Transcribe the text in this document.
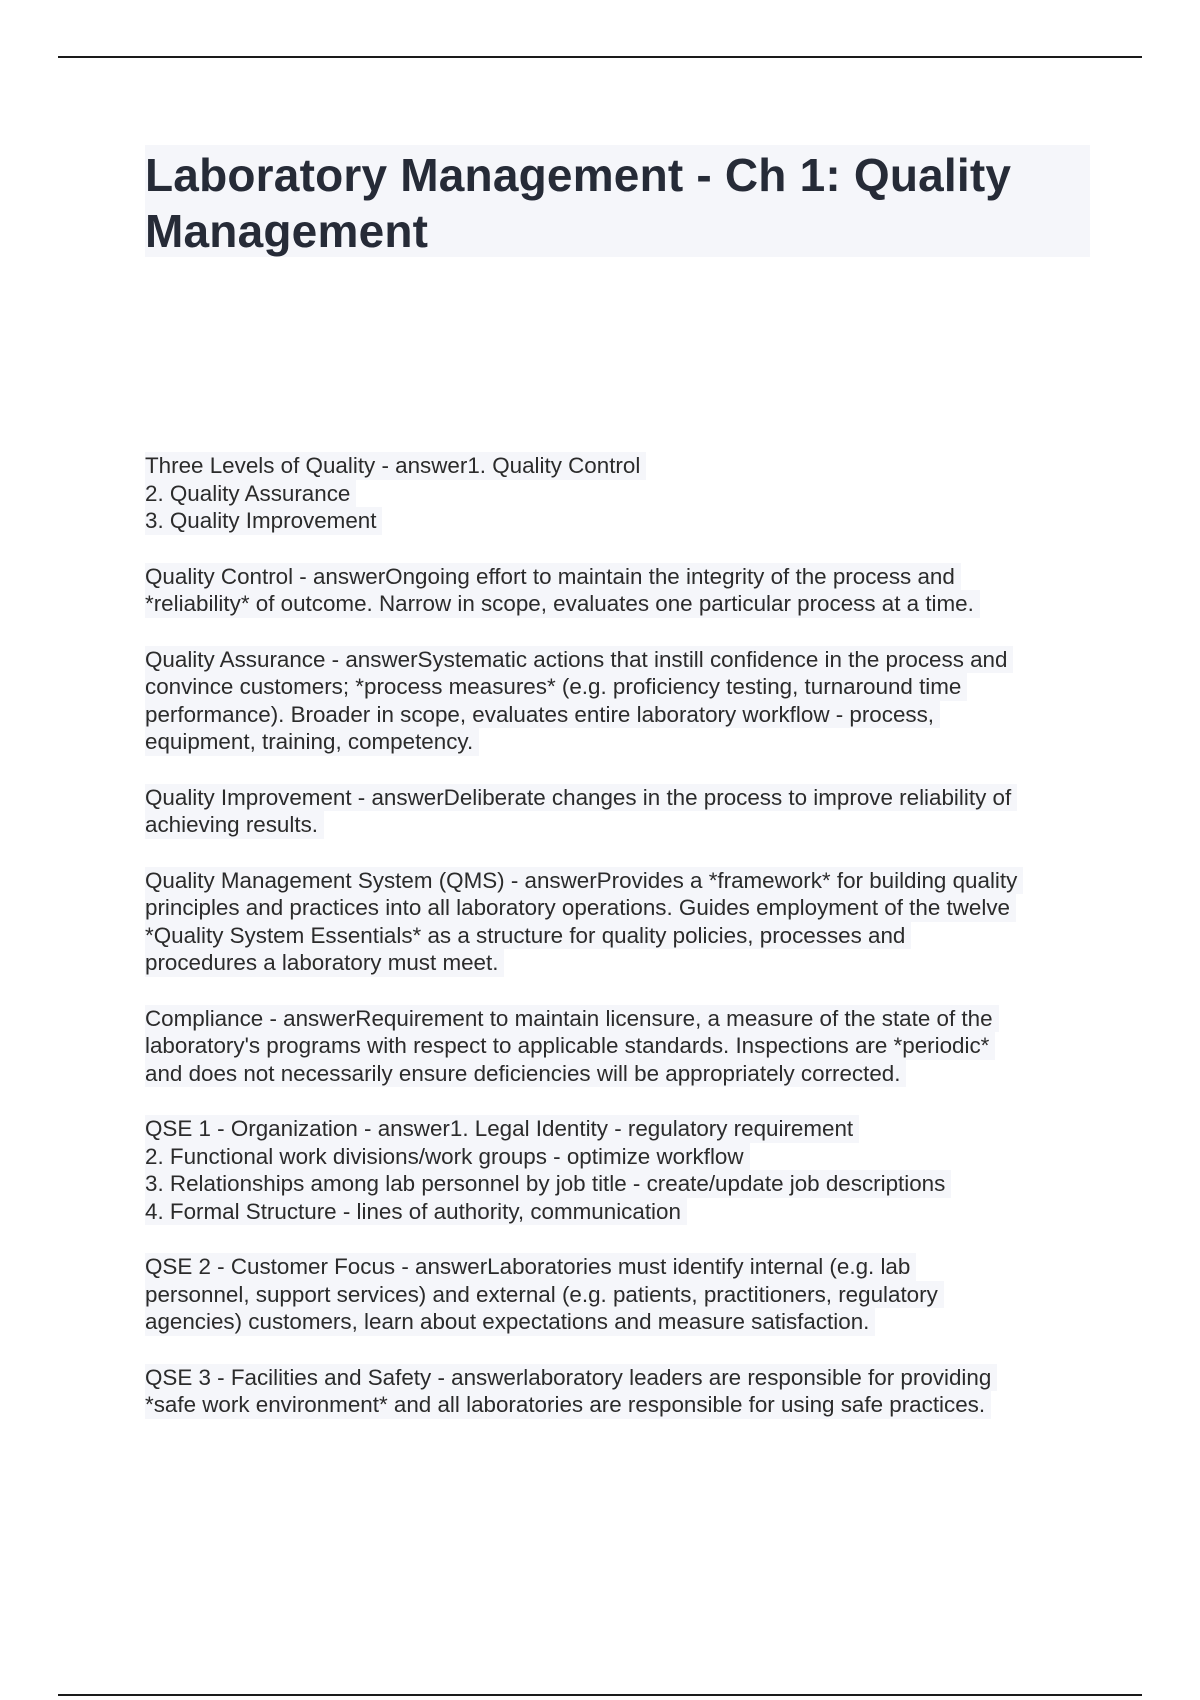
Laboratory Management - Ch 1: Quality
Management
Three Levels of Quality - answer1. Quality Control
2. Quality Assurance
3. Quality Improvement
Quality Control - answerOngoing effort to maintain the integrity of the process and
*reliability* of outcome. Narrow in scope, evaluates one particular process at a time.
Quality Assurance - answerSystematic actions that instill confidence in the process and
convince customers; *process measures* (e.g. proficiency testing, turnaround time
performance). Broader in scope, evaluates entire laboratory workflow - process,
equipment, training, competency.
Quality Improvement - answerDeliberate changes in the process to improve reliability of
achieving results.
Quality Management System (QMS) - answerProvides a *framework* for building quality
principles and practices into all laboratory operations. Guides employment of the twelve
*Quality System Essentials* as a structure for quality policies, processes and
procedures a laboratory must meet.
Compliance - answerRequirement to maintain licensure, a measure of the state of the
laboratory's programs with respect to applicable standards. Inspections are *periodic*
and does not necessarily ensure deficiencies will be appropriately corrected.
QSE 1 - Organization - answer1. Legal Identity - regulatory requirement
2. Functional work divisions/work groups - optimize workflow
3. Relationships among lab personnel by job title - create/update job descriptions
4. Formal Structure - lines of authority, communication
QSE 2 - Customer Focus - answerLaboratories must identify internal (e.g. lab
personnel, support services) and external (e.g. patients, practitioners, regulatory
agencies) customers, learn about expectations and measure satisfaction.
QSE 3 - Facilities and Safety - answerlaboratory leaders are responsible for providing
*safe work environment* and all laboratories are responsible for using safe practices.
